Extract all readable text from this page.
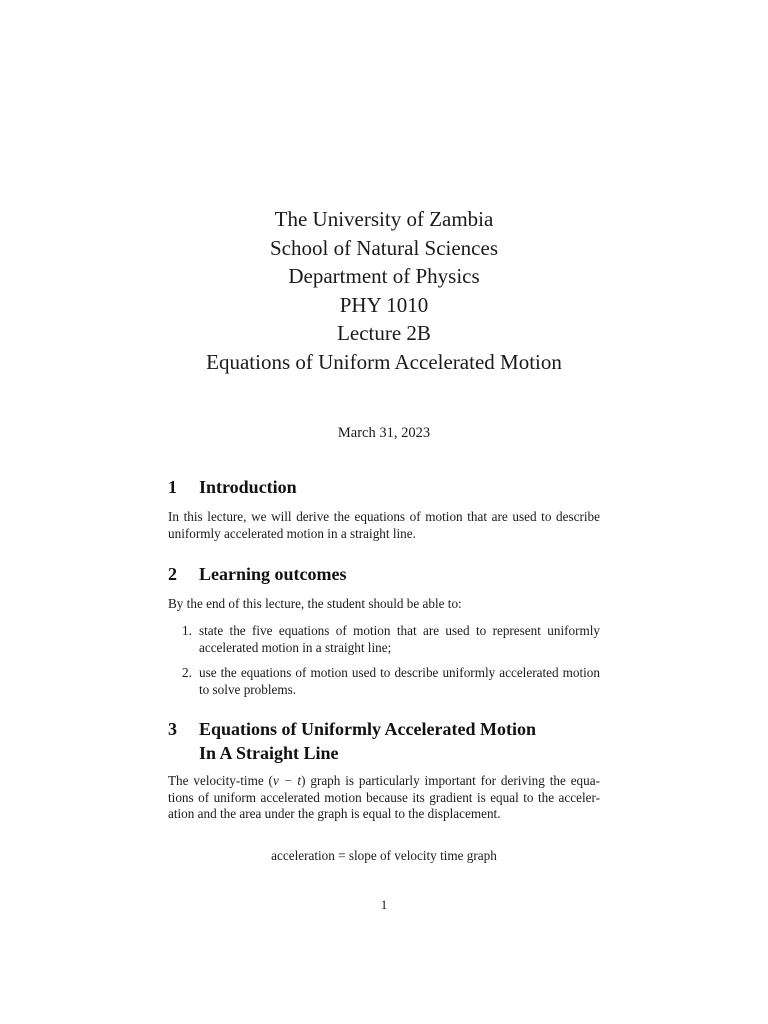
The University of Zambia
School of Natural Sciences
Department of Physics
PHY 1010
Lecture 2B
Equations of Uniform Accelerated Motion
March 31, 2023
1 Introduction
In this lecture, we will derive the equations of motion that are used to describe
uniformly accelerated motion in a straight line.
2 Learning outcomes
By the end of this lecture, the student should be able to:
1. state the five equations of motion that are used to represent uniformly
accelerated motion in a straight line;
2. use the equations of motion used to describe uniformly accelerated motion
to solve problems.
3 Equations of Uniformly Accelerated Motion
In A Straight Line
The velocity-time (v − t) graph is particularly important for deriving the equa-
tions of uniform accelerated motion because its gradient is equal to the acceler-
ation and the area under the graph is equal to the displacement.
acceleration = slope of velocity time graph
1
